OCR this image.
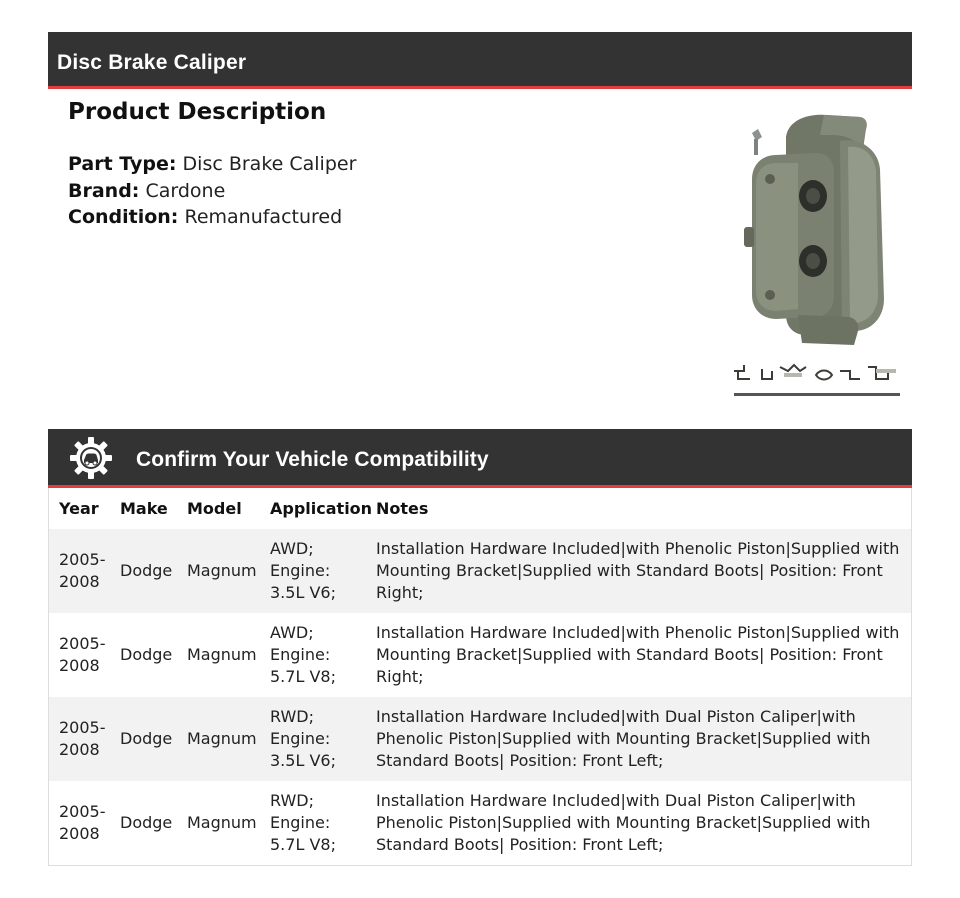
Disc Brake Caliper
Product Description
Part Type: Disc Brake Caliper
Brand: Cardone
Condition: Remanufactured
Confirm Your Vehicle Compatibility
Year	Make	Model	Application	Notes
2005-2008	Dodge	Magnum	AWD; Engine: 3.5L V6;	Installation Hardware Included|with Phenolic Piston|Supplied with Mounting Bracket|Supplied with Standard Boots| Position: Front Right;
2005-2008	Dodge	Magnum	AWD; Engine: 5.7L V8;	Installation Hardware Included|with Phenolic Piston|Supplied with Mounting Bracket|Supplied with Standard Boots| Position: Front Right;
2005-2008	Dodge	Magnum	RWD; Engine: 3.5L V6;	Installation Hardware Included|with Dual Piston Caliper|with Phenolic Piston|Supplied with Mounting Bracket|Supplied with Standard Boots| Position: Front Left;
2005-2008	Dodge	Magnum	RWD; Engine: 5.7L V8;	Installation Hardware Included|with Dual Piston Caliper|with Phenolic Piston|Supplied with Mounting Bracket|Supplied with Standard Boots| Position: Front Left;
